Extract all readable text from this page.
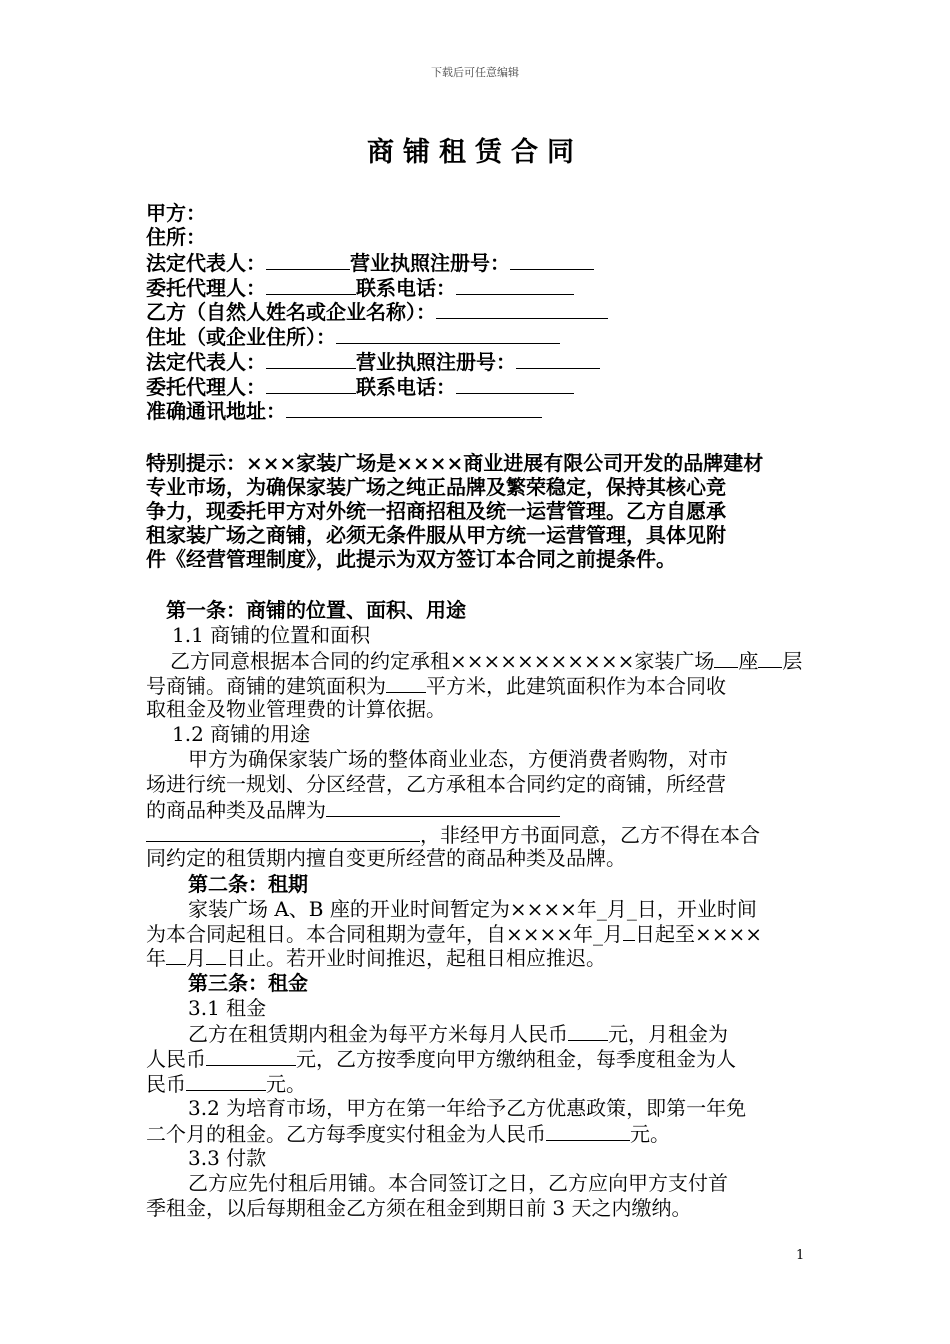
下载后可任意编辑
商铺租赁合同
甲方：
住所：
法定代表人：	营业执照注册号：
委托代理人：	联系电话：
乙方（自然人姓名或企业名称）：
住址（或企业住所）：
法定代表人：	营业执照注册号：
委托代理人：	联系电话：
准确通讯地址：
特别提示：×××家装广场是××××商业进展有限公司开发的品牌建材
专业市场，为确保家装广场之纯正品牌及繁荣稳定，保持其核心竞
争力，现委托甲方对外统一招商招租及统一运营管理。乙方自愿承
租家装广场之商铺，必须无条件服从甲方统一运营管理，具体见附
件《经营管理制度》，此提示为双方签订本合同之前提条件。
第一条：商铺的位置、面积、用途
1.1 商铺的位置和面积
乙方同意根据本合同的约定承租×××××××××××家装广场 座 层
号商铺。商铺的建筑面积为 平方米，此建筑面积作为本合同收
取租金及物业管理费的计算依据。
1.2 商铺的用途
甲方为确保家装广场的整体商业业态，方便消费者购物，对市
场进行统一规划、分区经营，乙方承租本合同约定的商铺，所经营
的商品种类及品牌为
，非经甲方书面同意，乙方不得在本合
同约定的租赁期内擅自变更所经营的商品种类及品牌。
第二条：租期
家装广场 A、B 座的开业时间暂定为××××年_月_日，开业时间
为本合同起租日。本合同租期为壹年，自××××年_月 日起至××××
年 月 日止。若开业时间推迟，起租日相应推迟。
第三条：租金
3.1 租金
乙方在租赁期内租金为每平方米每月人民币 元，月租金为
人民币	元，乙方按季度向甲方缴纳租金，每季度租金为人
民币	元。
3.2 为培育市场，甲方在第一年给予乙方优惠政策，即第一年免
二个月的租金。乙方每季度实付租金为人民币	元。
3.3 付款
乙方应先付租后用铺。本合同签订之日，乙方应向甲方支付首
季租金，以后每期租金乙方须在租金到期日前 3 天之内缴纳。
1
